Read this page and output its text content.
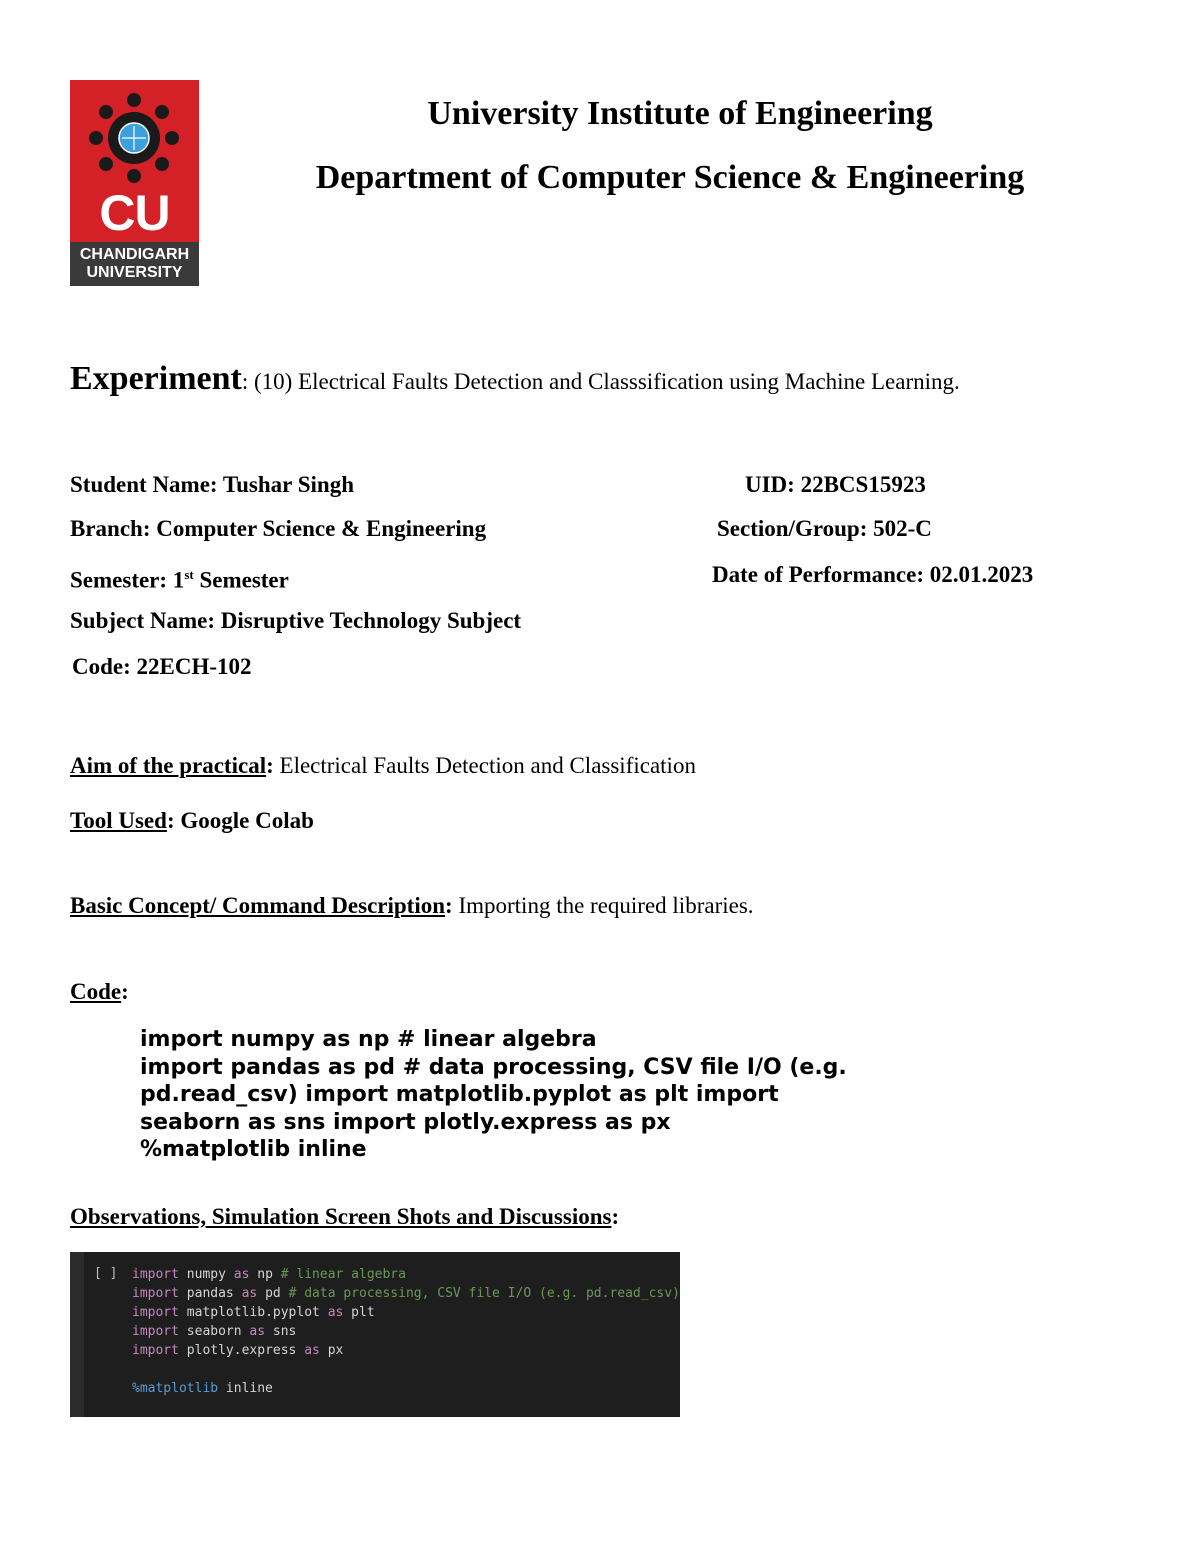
CU
CHANDIGARH
UNIVERSITY
University Institute of Engineering
Department of Computer Science & Engineering
Experiment: (10) Electrical Faults Detection and Classsification using Machine Learning.
Student Name: Tushar Singh	UID: 22BCS15923
Branch: Computer Science & Engineering	Section/Group: 502-C
Semester: 1st Semester	Date of Performance: 02.01.2023
Subject Name: Disruptive Technology Subject
Code: 22ECH-102
Aim of the practical: Electrical Faults Detection and Classification
Tool Used: Google Colab
Basic Concept/ Command Description: Importing the required libraries.
Code:
import numpy as np # linear algebra
import pandas as pd # data processing, CSV file I/O (e.g.
pd.read_csv) import matplotlib.pyplot as plt import
seaborn as sns import plotly.express as px
%matplotlib inline
Observations, Simulation Screen Shots and Discussions:
[ ] import numpy as np # linear algebra
import pandas as pd # data processing, CSV file I/O (e.g. pd.read_csv)
import matplotlib.pyplot as plt
import seaborn as sns
import plotly.express as px

%matplotlib inline
